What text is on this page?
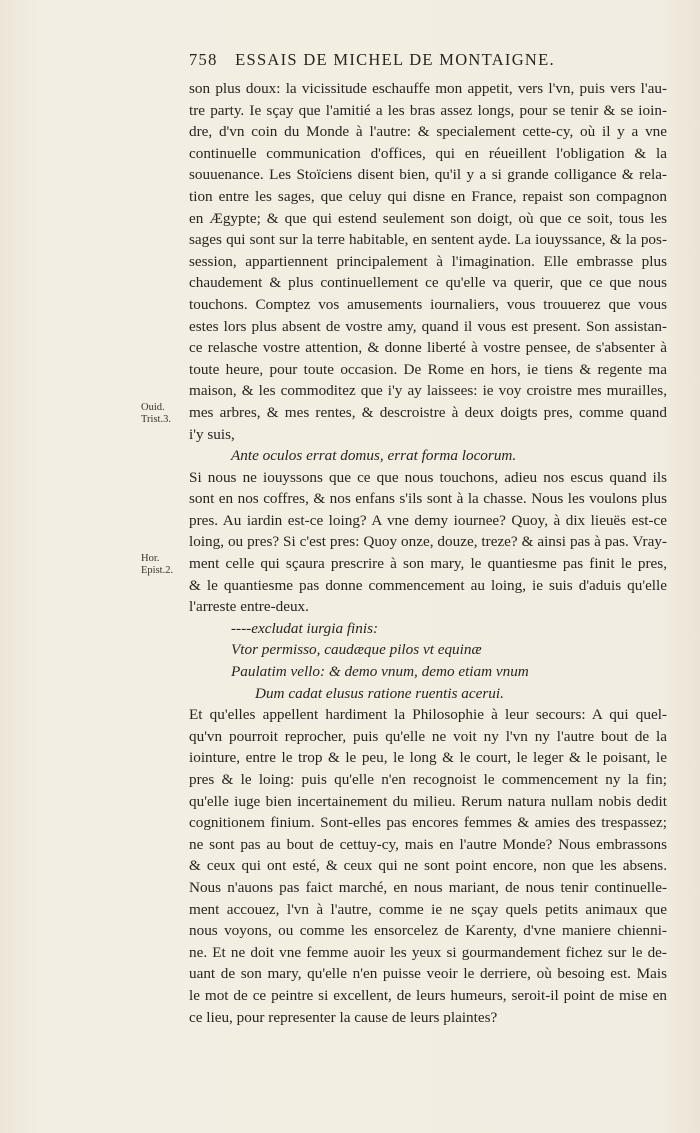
758 ESSAIS DE MICHEL DE MONTAIGNE.
Ouid.
Trist.3.
Hor.
Epist.2.
son plus doux: la vicissitude eschauffe mon appetit, vers l'vn, puis vers l'au-
tre party. Ie sçay que l'amitié a les bras assez longs, pour se tenir & se ioin-
dre, d'vn coin du Monde à l'autre: & specialement cette-cy, où il y a vne
continuelle communication d'offices, qui en réueillent l'obligation & la
souuenance. Les Stoïciens disent bien, qu'il y a si grande colligance & rela-
tion entre les sages, que celuy qui disne en France, repaist son compagnon
en Ægypte; & que qui estend seulement son doigt, où que ce soit, tous les
sages qui sont sur la terre habitable, en sentent ayde. La iouyssance, & la pos-
session, appartiennent principalement à l'imagination. Elle embrasse plus
chaudement & plus continuellement ce qu'elle va querir, que ce que nous
touchons. Comptez vos amusements iournaliers, vous trouuerez que vous
estes lors plus absent de vostre amy, quand il vous est present. Son assistan-
ce relasche vostre attention, & donne liberté à vostre pensee, de s'absenter à
toute heure, pour toute occasion. De Rome en hors, ie tiens & regente ma
maison, & les commoditez que i'y ay laissees: ie voy croistre mes murailles,
mes arbres, & mes rentes, & descroistre à deux doigts pres, comme quand
i'y suis,
Ante oculos errat domus, errat forma locorum.
Si nous ne iouyssons que ce que nous touchons, adieu nos escus quand ils
sont en nos coffres, & nos enfans s'ils sont à la chasse. Nous les voulons plus
pres. Au iardin est-ce loing? A vne demy iournee? Quoy, à dix lieuës est-ce
loing, ou pres? Si c'est pres: Quoy onze, douze, treze? & ainsi pas à pas. Vray-
ment celle qui sçaura prescrire à son mary, le quantiesme pas finit le pres,
& le quantiesme pas donne commencement au loing, ie suis d'aduis qu'elle
l'arreste entre-deux.
----excludat iurgia finis:
Vtor permisso, caudæque pilos vt equinæ
Paulatim vello: & demo vnum, demo etiam vnum
Dum cadat elusus ratione ruentis acerui.
Et qu'elles appellent hardiment la Philosophie à leur secours: A qui quel-
qu'vn pourroit reprocher, puis qu'elle ne voit ny l'vn ny l'autre bout de la
iointure, entre le trop & le peu, le long & le court, le leger & le poisant, le
pres & le loing: puis qu'elle n'en recognoist le commencement ny la fin;
qu'elle iuge bien incertainement du milieu. Rerum natura nullam nobis dedit
cognitionem finium. Sont-elles pas encores femmes & amies des trespassez;
ne sont pas au bout de cettuy-cy, mais en l'autre Monde? Nous embrassons
& ceux qui ont esté, & ceux qui ne sont point encore, non que les absens.
Nous n'auons pas faict marché, en nous mariant, de nous tenir continuelle-
ment accouez, l'vn à l'autre, comme ie ne sçay quels petits animaux que
nous voyons, ou comme les ensorcelez de Karenty, d'vne maniere chienni-
ne. Et ne doit vne femme auoir les yeux si gourmandement fichez sur le de-
uant de son mary, qu'elle n'en puisse veoir le derriere, où besoing est. Mais
le mot de ce peintre si excellent, de leurs humeurs, seroit-il point de mise en
ce lieu, pour representer la cause de leurs plaintes?
